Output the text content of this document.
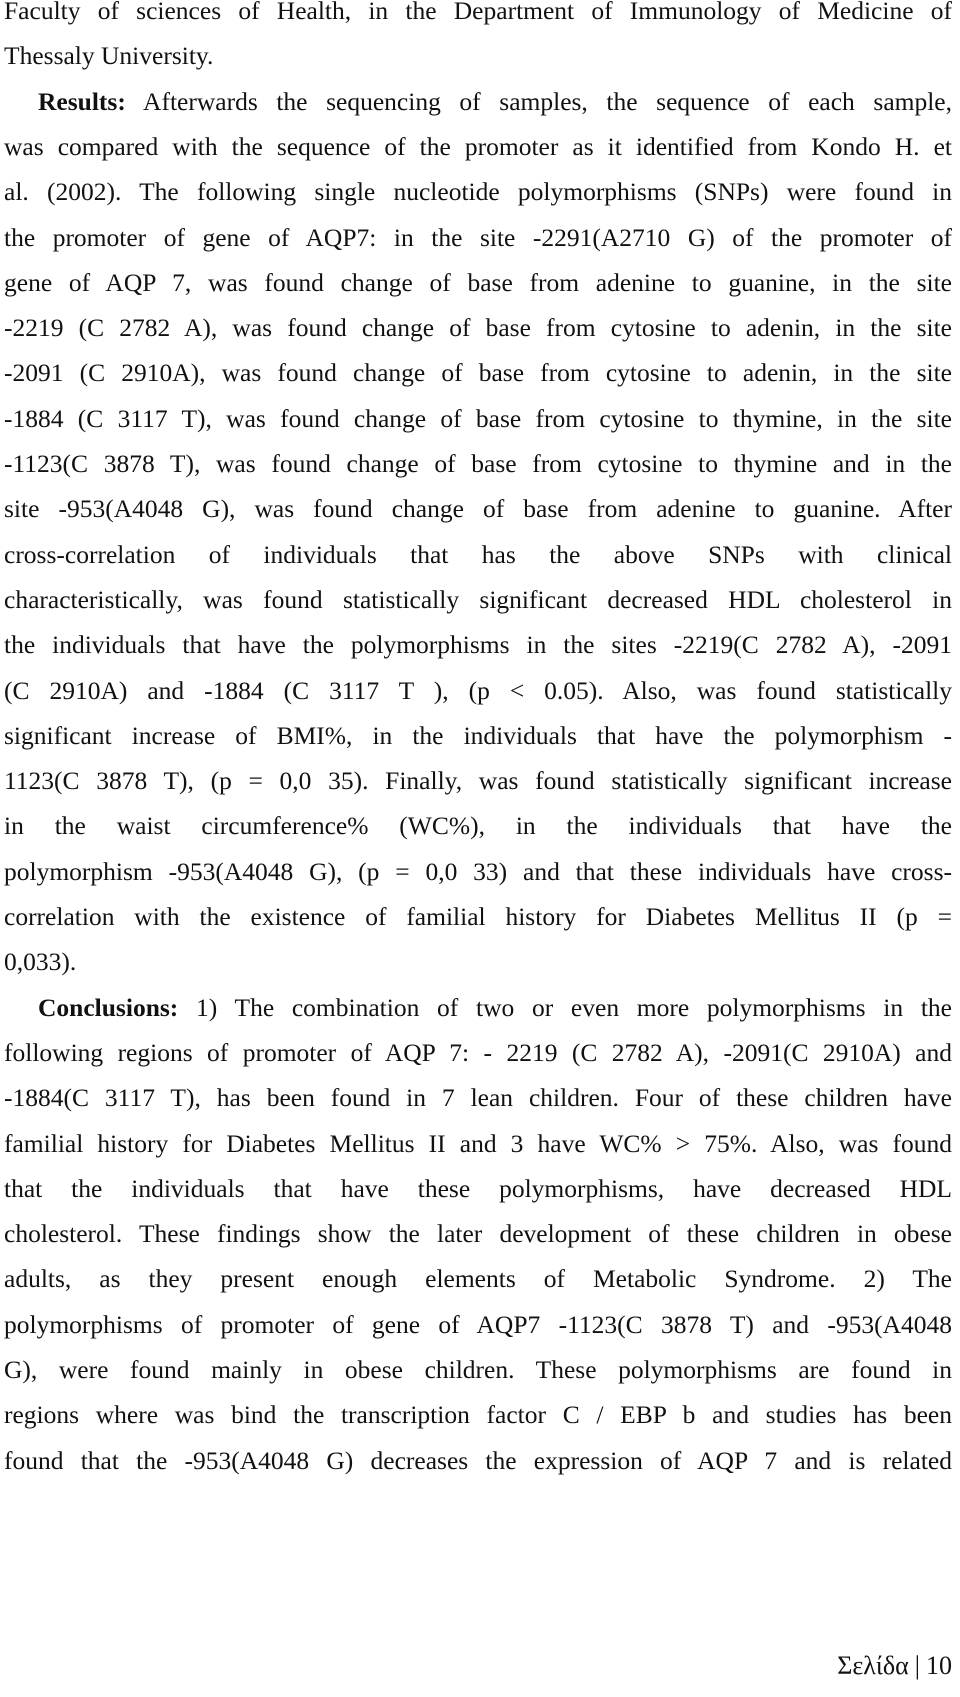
Faculty of sciences of Health, in the Department of Immunology of Medicine of
Thessaly University.
Results: Afterwards the sequencing of samples, the sequence of each sample,
was compared with the sequence of the promoter as it identified from Kondo H. et
al. (2002). The following single nucleotide polymorphisms (SNPs) were found in
the promoter of gene of AQP7: in the site -2291(A2710 G) of the promoter of
gene of AQP 7, was found change of base from adenine to guanine, in the site
-2219 (C 2782 A), was found change of base from cytosine to adenin, in the site
-2091 (C 2910A), was found change of base from cytosine to adenin, in the site
-1884 (C 3117 T), was found change of base from cytosine to thymine, in the site
-1123(C 3878 T), was found change of base from cytosine to thymine and in the
site -953(A4048 G), was found change of base from adenine to guanine. After
cross-correlation of individuals that has the above SNPs with clinical
characteristically, was found statistically significant decreased HDL cholesterol in
the individuals that have the polymorphisms in the sites -2219(C 2782 A), -2091
(C 2910A) and -1884 (C 3117 T ), (p < 0.05). Also, was found statistically
significant increase of BMI%, in the individuals that have the polymorphism -
1123(C 3878 T), (p = 0,0 35). Finally, was found statistically significant increase
in the waist circumference% (WC%), in the individuals that have the
polymorphism -953(A4048 G), (p = 0,0 33) and that these individuals have cross-
correlation with the existence of familial history for Diabetes Mellitus II (p =
0,033).
Conclusions: 1) The combination of two or even more polymorphisms in the
following regions of promoter of AQP 7: - 2219 (C 2782 A), -2091(C 2910A) and
-1884(C 3117 T), has been found in 7 lean children. Four of these children have
familial history for Diabetes Mellitus II and 3 have WC% > 75%. Also, was found
that the individuals that have these polymorphisms, have decreased HDL
cholesterol. These findings show the later development of these children in obese
adults, as they present enough elements of Metabolic Syndrome. 2) The
polymorphisms of promoter of gene of AQP7 -1123(C 3878 T) and -953(A4048
G), were found mainly in obese children. These polymorphisms are found in
regions where was bind the transcription factor C / EBP b and studies has been
found that the -953(A4048 G) decreases the expression of AQP 7 and is related
Σελίδα | 10
